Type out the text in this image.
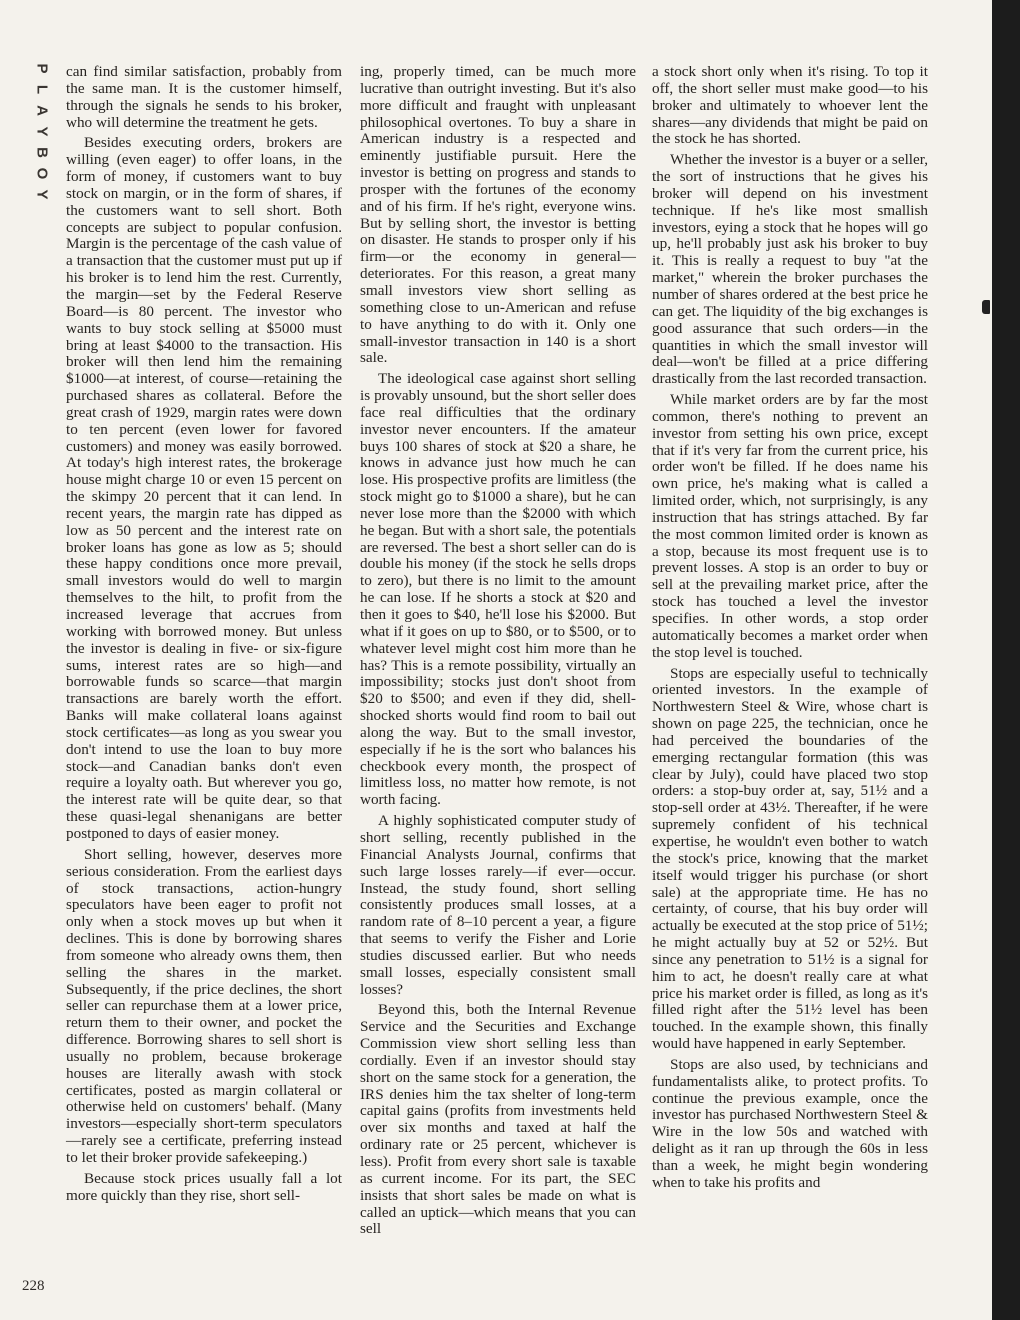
P
L
A
Y
B
O
Y

can find similar satisfaction, probably from the same man. It is the customer himself, through the signals he sends to his broker, who will determine the treatment he gets.

Besides executing orders, brokers are willing (even eager) to offer loans, in the form of money, if customers want to buy stock on margin, or in the form of shares, if the customers want to sell short. Both concepts are subject to popular confusion. Margin is the percentage of the cash value of a transaction that the customer must put up if his broker is to lend him the rest. Currently, the margin—set by the Federal Reserve Board—is 80 percent. The investor who wants to buy stock selling at $5000 must bring at least $4000 to the transaction. His broker will then lend him the remaining $1000—at interest, of course—retaining the purchased shares as collateral. Before the great crash of 1929, margin rates were down to ten percent (even lower for favored customers) and money was easily borrowed. At today's high interest rates, the brokerage house might charge 10 or even 15 percent on the skimpy 20 percent that it can lend. In recent years, the margin rate has dipped as low as 50 percent and the interest rate on broker loans has gone as low as 5; should these happy conditions once more prevail, small investors would do well to margin themselves to the hilt, to profit from the increased leverage that accrues from working with borrowed money. But unless the investor is dealing in five- or six-figure sums, interest rates are so high—and borrowable funds so scarce—that margin transactions are barely worth the effort. Banks will make collateral loans against stock certificates—as long as you swear you don't intend to use the loan to buy more stock—and Canadian banks don't even require a loyalty oath. But wherever you go, the interest rate will be quite dear, so that these quasi-legal shenanigans are better postponed to days of easier money.

Short selling, however, deserves more serious consideration. From the earliest days of stock transactions, action-hungry speculators have been eager to profit not only when a stock moves up but when it declines. This is done by borrowing shares from someone who already owns them, then selling the shares in the market. Subsequently, if the price declines, the short seller can repurchase them at a lower price, return them to their owner, and pocket the difference. Borrowing shares to sell short is usually no problem, because brokerage houses are literally awash with stock certificates, posted as margin collateral or otherwise held on customers' behalf. (Many investors—especially short-term speculators—rarely see a certificate, preferring instead to let their broker provide safekeeping.)

Because stock prices usually fall a lot more quickly than they rise, short sell-

ing, properly timed, can be much more lucrative than outright investing. But it's also more difficult and fraught with unpleasant philosophical overtones. To buy a share in American industry is a respected and eminently justifiable pursuit. Here the investor is betting on progress and stands to prosper with the fortunes of the economy and of his firm. If he's right, everyone wins. But by selling short, the investor is betting on disaster. He stands to prosper only if his firm—or the economy in general—deteriorates. For this reason, a great many small investors view short selling as something close to un-American and refuse to have anything to do with it. Only one small-investor transaction in 140 is a short sale.

The ideological case against short selling is provably unsound, but the short seller does face real difficulties that the ordinary investor never encounters. If the amateur buys 100 shares of stock at $20 a share, he knows in advance just how much he can lose. His prospective profits are limitless (the stock might go to $1000 a share), but he can never lose more than the $2000 with which he began. But with a short sale, the potentials are reversed. The best a short seller can do is double his money (if the stock he sells drops to zero), but there is no limit to the amount he can lose. If he shorts a stock at $20 and then it goes to $40, he'll lose his $2000. But what if it goes on up to $80, or to $500, or to whatever level might cost him more than he has? This is a remote possibility, virtually an impossibility; stocks just don't shoot from $20 to $500; and even if they did, shell-shocked shorts would find room to bail out along the way. But to the small investor, especially if he is the sort who balances his checkbook every month, the prospect of limitless loss, no matter how remote, is not worth facing.

A highly sophisticated computer study of short selling, recently published in the Financial Analysts Journal, confirms that such large losses rarely—if ever—occur. Instead, the study found, short selling consistently produces small losses, at a random rate of 8–10 percent a year, a figure that seems to verify the Fisher and Lorie studies discussed earlier. But who needs small losses, especially consistent small losses?

Beyond this, both the Internal Revenue Service and the Securities and Exchange Commission view short selling less than cordially. Even if an investor should stay short on the same stock for a generation, the IRS denies him the tax shelter of long-term capital gains (profits from investments held over six months and taxed at half the ordinary rate or 25 percent, whichever is less). Profit from every short sale is taxable as current income. For its part, the SEC insists that short sales be made on what is called an uptick—which means that you can sell

a stock short only when it's rising. To top it off, the short seller must make good—to his broker and ultimately to whoever lent the shares—any dividends that might be paid on the stock he has shorted.

Whether the investor is a buyer or a seller, the sort of instructions that he gives his broker will depend on his investment technique. If he's like most smallish investors, eying a stock that he hopes will go up, he'll probably just ask his broker to buy it. This is really a request to buy "at the market," wherein the broker purchases the number of shares ordered at the best price he can get. The liquidity of the big exchanges is good assurance that such orders—in the quantities in which the small investor will deal—won't be filled at a price differing drastically from the last recorded transaction.

While market orders are by far the most common, there's nothing to prevent an investor from setting his own price, except that if it's very far from the current price, his order won't be filled. If he does name his own price, he's making what is called a limited order, which, not surprisingly, is any instruction that has strings attached. By far the most common limited order is known as a stop, because its most frequent use is to prevent losses. A stop is an order to buy or sell at the prevailing market price, after the stock has touched a level the investor specifies. In other words, a stop order automatically becomes a market order when the stop level is touched.

Stops are especially useful to technically oriented investors. In the example of Northwestern Steel & Wire, whose chart is shown on page 225, the technician, once he had perceived the boundaries of the emerging rectangular formation (this was clear by July), could have placed two stop orders: a stop-buy order at, say, 51½ and a stop-sell order at 43½. Thereafter, if he were supremely confident of his technical expertise, he wouldn't even bother to watch the stock's price, knowing that the market itself would trigger his purchase (or short sale) at the appropriate time. He has no certainty, of course, that his buy order will actually be executed at the stop price of 51½; he might actually buy at 52 or 52½. But since any penetration to 51½ is a signal for him to act, he doesn't really care at what price his market order is filled, as long as it's filled right after the 51½ level has been touched. In the example shown, this finally would have happened in early September.

Stops are also used, by technicians and fundamentalists alike, to protect profits. To continue the previous example, once the investor has purchased Northwestern Steel & Wire in the low 50s and watched with delight as it ran up through the 60s in less than a week, he might begin wondering when to take his profits and

228
